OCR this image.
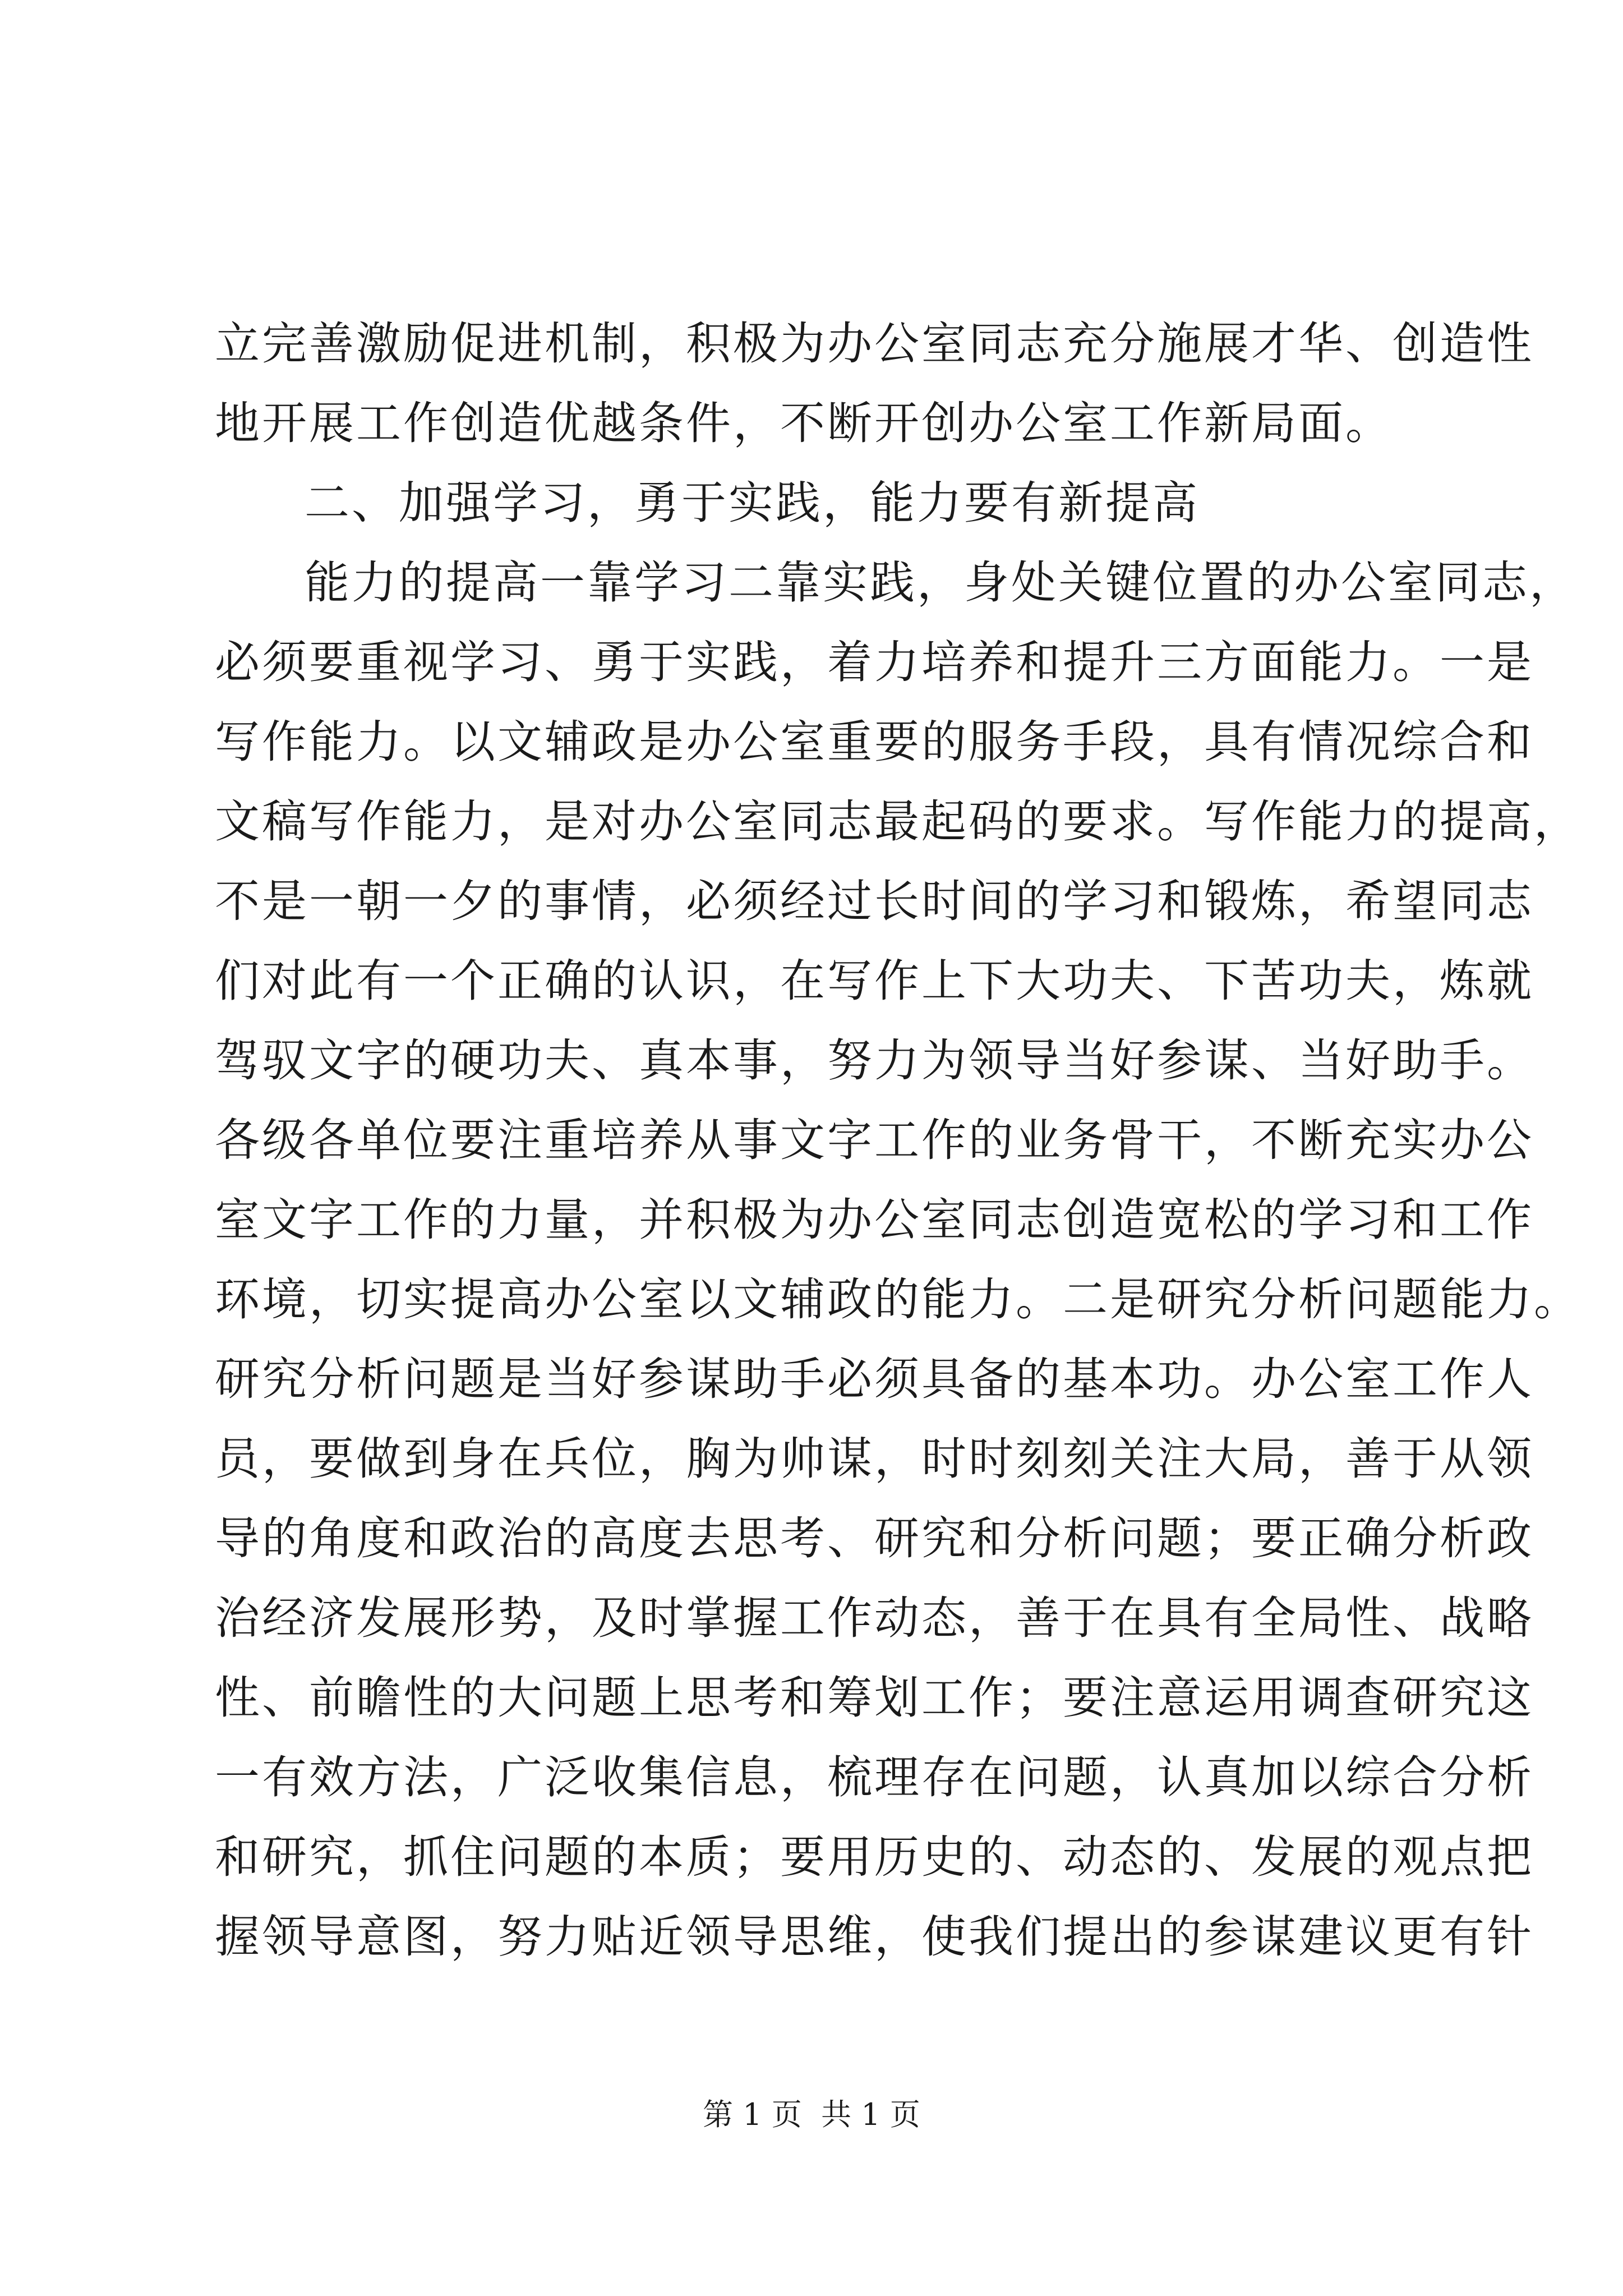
立完善激励促进机制，积极为办公室同志充分施展才华、创造性
地开展工作创造优越条件，不断开创办公室工作新局面。
二、加强学习，勇于实践，能力要有新提高
能力的提高一靠学习二靠实践，身处关键位置的办公室同志，
必须要重视学习、勇于实践，着力培养和提升三方面能力。一是
写作能力。以文辅政是办公室重要的服务手段，具有情况综合和
文稿写作能力，是对办公室同志最起码的要求。写作能力的提高，
不是一朝一夕的事情，必须经过长时间的学习和锻炼，希望同志
们对此有一个正确的认识，在写作上下大功夫、下苦功夫，炼就
驾驭文字的硬功夫、真本事，努力为领导当好参谋、当好助手。
各级各单位要注重培养从事文字工作的业务骨干，不断充实办公
室文字工作的力量，并积极为办公室同志创造宽松的学习和工作
环境，切实提高办公室以文辅政的能力。二是研究分析问题能力。
研究分析问题是当好参谋助手必须具备的基本功。办公室工作人
员，要做到身在兵位，胸为帅谋，时时刻刻关注大局，善于从领
导的角度和政治的高度去思考、研究和分析问题；要正确分析政
治经济发展形势，及时掌握工作动态，善于在具有全局性、战略
性、前瞻性的大问题上思考和筹划工作；要注意运用调查研究这
一有效方法，广泛收集信息，梳理存在问题，认真加以综合分析
和研究，抓住问题的本质；要用历史的、动态的、发展的观点把
握领导意图，努力贴近领导思维，使我们提出的参谋建议更有针
第 1 页  共 1 页
